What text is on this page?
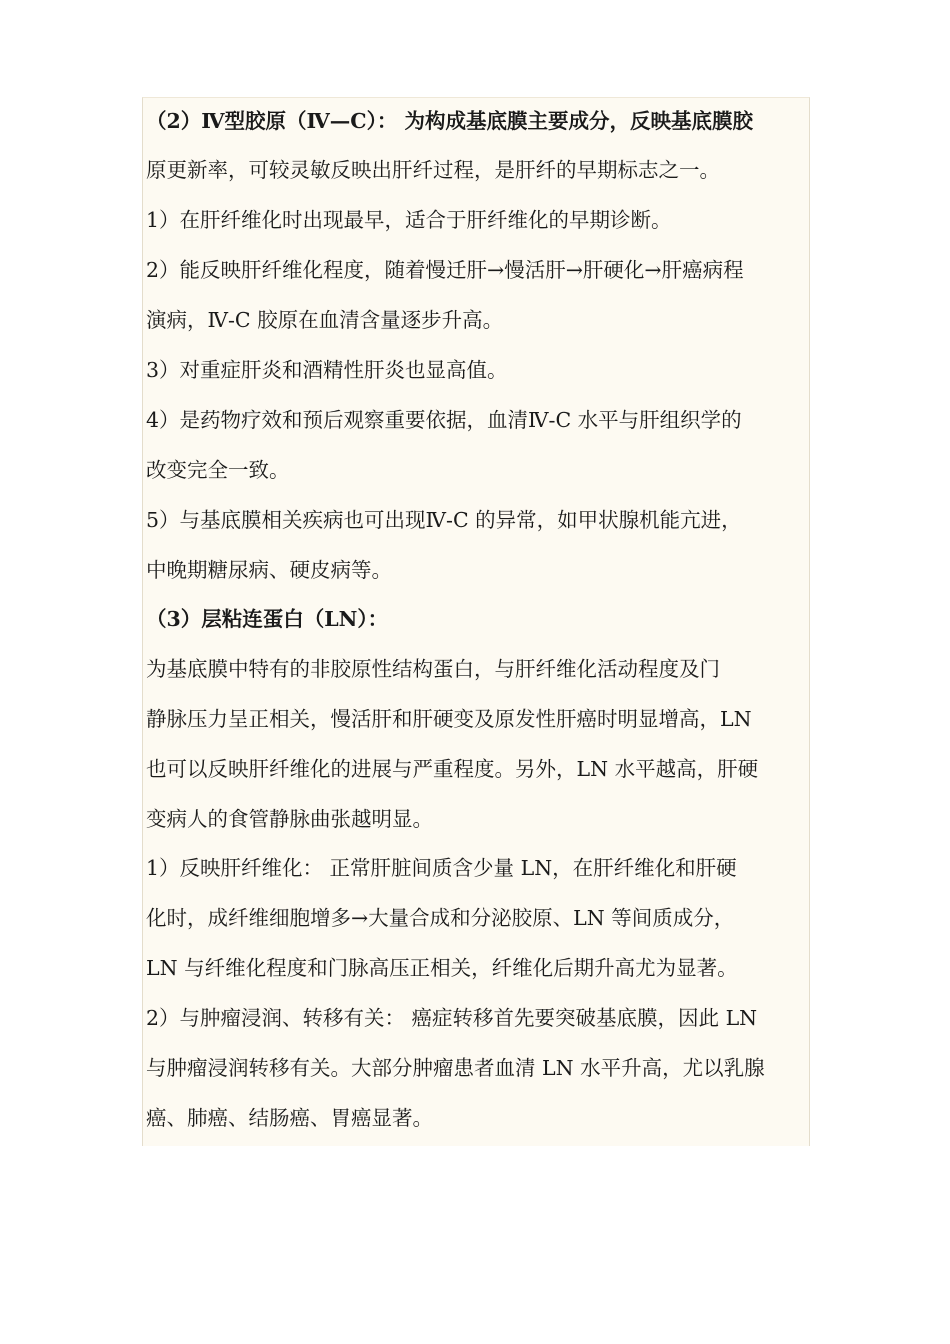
（2）Ⅳ型胶原（Ⅳ—C）： 为构成基底膜主要成分，反映基底膜胶
原更新率，可较灵敏反映出肝纤过程，是肝纤的早期标志之一。
1）在肝纤维化时出现最早，适合于肝纤维化的早期诊断。
2）能反映肝纤维化程度，随着慢迁肝→慢活肝→肝硬化→肝癌病程
演病，Ⅳ-C 胶原在血清含量逐步升高。
3）对重症肝炎和酒精性肝炎也显高值。
4）是药物疗效和预后观察重要依据，血清Ⅳ-C 水平与肝组织学的
改变完全一致。
5）与基底膜相关疾病也可出现Ⅳ-C 的异常，如甲状腺机能亢进，
中晚期糖尿病、硬皮病等。
（3）层粘连蛋白（LN）：
为基底膜中特有的非胶原性结构蛋白，与肝纤维化活动程度及门
静脉压力呈正相关，慢活肝和肝硬变及原发性肝癌时明显增高，LN
也可以反映肝纤维化的进展与严重程度。另外，LN 水平越高，肝硬
变病人的食管静脉曲张越明显。
1）反映肝纤维化： 正常肝脏间质含少量 LN，在肝纤维化和肝硬
化时，成纤维细胞增多→大量合成和分泌胶原、LN 等间质成分，
LN 与纤维化程度和门脉高压正相关，纤维化后期升高尤为显著。
2）与肿瘤浸润、转移有关： 癌症转移首先要突破基底膜，因此 LN
与肿瘤浸润转移有关。大部分肿瘤患者血清 LN 水平升高，尤以乳腺
癌、肺癌、结肠癌、胃癌显著。
